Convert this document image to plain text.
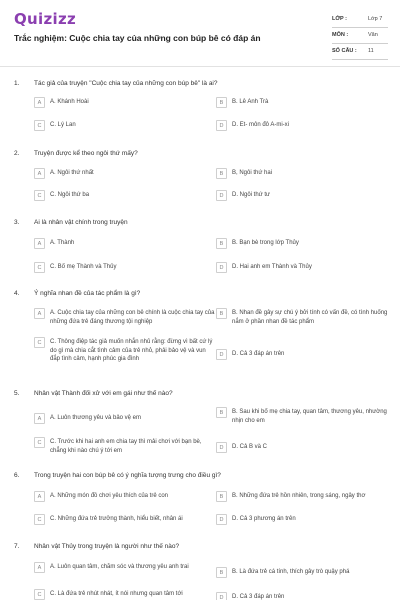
Quizizz
Trắc nghiệm: Cuộc chia tay của những con búp bê có đáp án
LỚP :	Lớp 7
MÔN :	Văn
SỐ CÂU : 11
1. Tác giả của truyện "Cuộc chia tay của những con búp bê" là ai?
A	A. Khánh Hoài	B	B. Lê Anh Trà
C	C. Lý Lan	D	D. Et- môn đô A-mi-xi
2. Truyện được kể theo ngôi thứ mấy?
A	A. Ngôi thứ nhất	B	B, Ngôi thứ hai
C	C. Ngôi thứ ba	D	D. Ngôi thứ tư
3. Ai là nhân vật chính trong truyện
A	A. Thành	B	B. Bạn bè trong lớp Thủy
C	C. Bố mẹ Thành và Thủy	D	D. Hai anh em Thành và Thủy
4. Ý nghĩa nhan đề của tác phẩm là gì?
A	A. Cuộc chia tay của những con bê chính là cuộc chia tay của những đứa trẻ đáng thương tội nghiệp
B	B. Nhan đề gây sự chú ý bởi tính có vấn đề, có tình huống nắm ở phần nhan đề tác phẩm
C	C. Thông điệp tác giả muốn nhắn nhủ rằng: đừng vì bất cứ lý do gì mà chia cắt tình cảm của trẻ nhỏ, phải bảo vệ và vun đắp tình cảm, hạnh phúc gia đình
D	D. Cả 3 đáp án trên
5. Nhân vật Thành đối xử với em gái như thế nào?
A	A. Luôn thương yêu và bảo vệ em
B	B. Sau khi bố mẹ chia tay, quan tâm, thương yêu, nhường nhịn cho em
C	C. Trước khi hai anh em chia tay thì mải chơi với bạn bè, chẳng khi nào chú ý tới em	D	D. Cả B và C
6. Trong truyện hai con búp bê có ý nghĩa tượng trưng cho điều gì?
A	A. Những món đồ chơi yêu thích của trẻ con	B	B. Những đứa trẻ hồn nhiên, trong sáng, ngây thơ
C	C. Những đứa trẻ trưởng thành, hiểu biết, nhân ái	D	D. Cả 3 phương án trên
7. Nhân vật Thủy trong truyện là người như thế nào?
A	A. Luôn quan tâm, chăm sóc và thương yêu anh trai
B	B. Là đứa trẻ cá tính, thích gây trò quậy phá
C	C. Là đứa trẻ nhút nhát, ít nói nhưng quan tâm tới
D	D. Cả 3 đáp án trên
